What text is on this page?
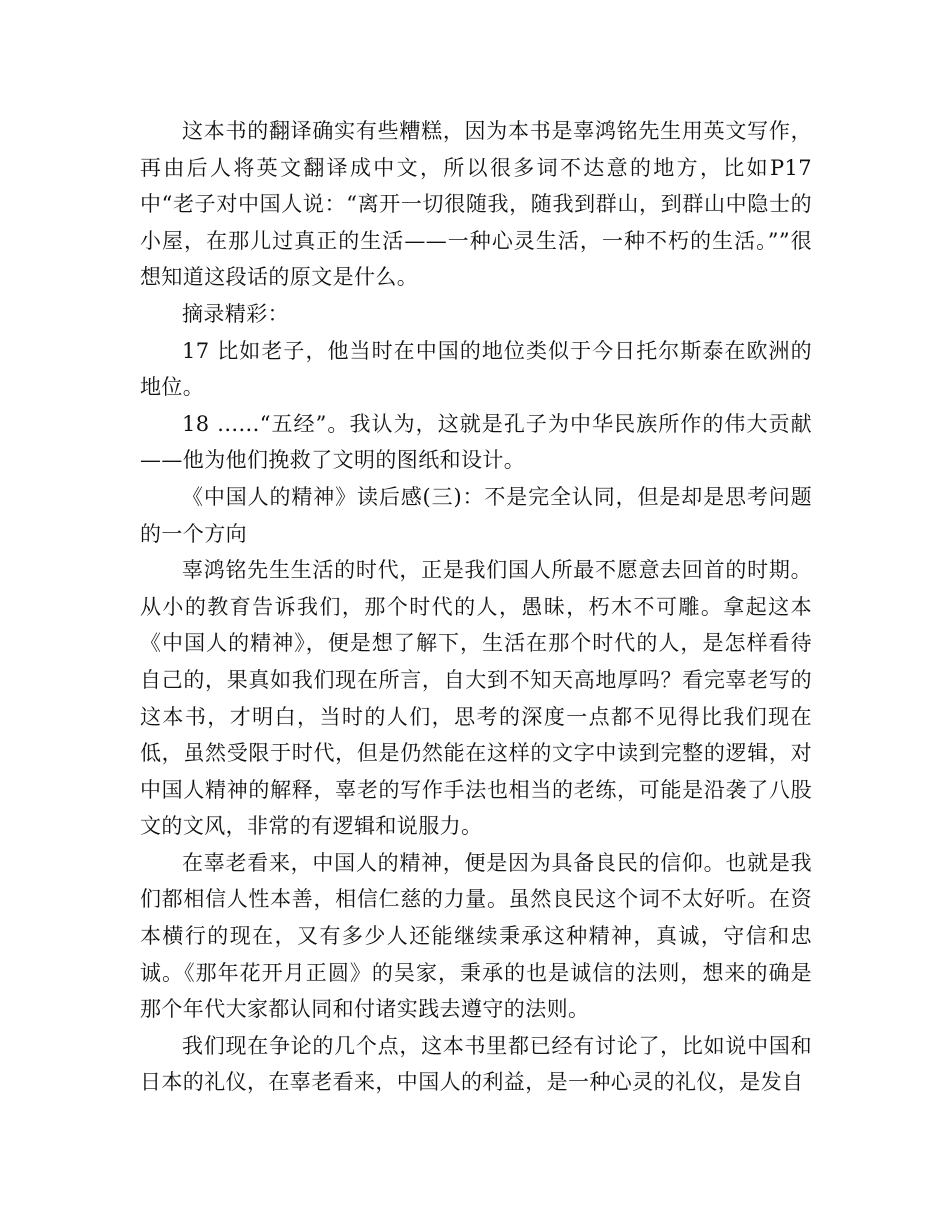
这本书的翻译确实有些糟糕，因为本书是辜鸿铭先生用英文写作，再由后人将英文翻译成中文，所以很多词不达意的地方，比如P17中“老子对中国人说：“离开一切很随我，随我到群山，到群山中隐士的小屋，在那儿过真正的生活——一种心灵生活，一种不朽的生活。””很想知道这段话的原文是什么。

摘录精彩：

17 比如老子，他当时在中国的地位类似于今日托尔斯泰在欧洲的地位。

18 ......“五经”。我认为，这就是孔子为中华民族所作的伟大贡献——他为他们挽救了文明的图纸和设计。

《中国人的精神》读后感(三)：不是完全认同，但是却是思考问题的一个方向

辜鸿铭先生生活的时代，正是我们国人所最不愿意去回首的时期。从小的教育告诉我们，那个时代的人，愚昧，朽木不可雕。拿起这本《中国人的精神》，便是想了解下，生活在那个时代的人，是怎样看待自己的，果真如我们现在所言，自大到不知天高地厚吗？看完辜老写的这本书，才明白，当时的人们，思考的深度一点都不见得比我们现在低，虽然受限于时代，但是仍然能在这样的文字中读到完整的逻辑，对中国人精神的解释，辜老的写作手法也相当的老练，可能是沿袭了八股文的文风，非常的有逻辑和说服力。

在辜老看来，中国人的精神，便是因为具备良民的信仰。也就是我们都相信人性本善，相信仁慈的力量。虽然良民这个词不太好听。在资本横行的现在，又有多少人还能继续秉承这种精神，真诚，守信和忠诚。《那年花开月正圆》的吴家，秉承的也是诚信的法则，想来的确是那个年代大家都认同和付诸实践去遵守的法则。

我们现在争论的几个点，这本书里都已经有讨论了，比如说中国和日本的礼仪，在辜老看来，中国人的利益，是一种心灵的礼仪，是发自
